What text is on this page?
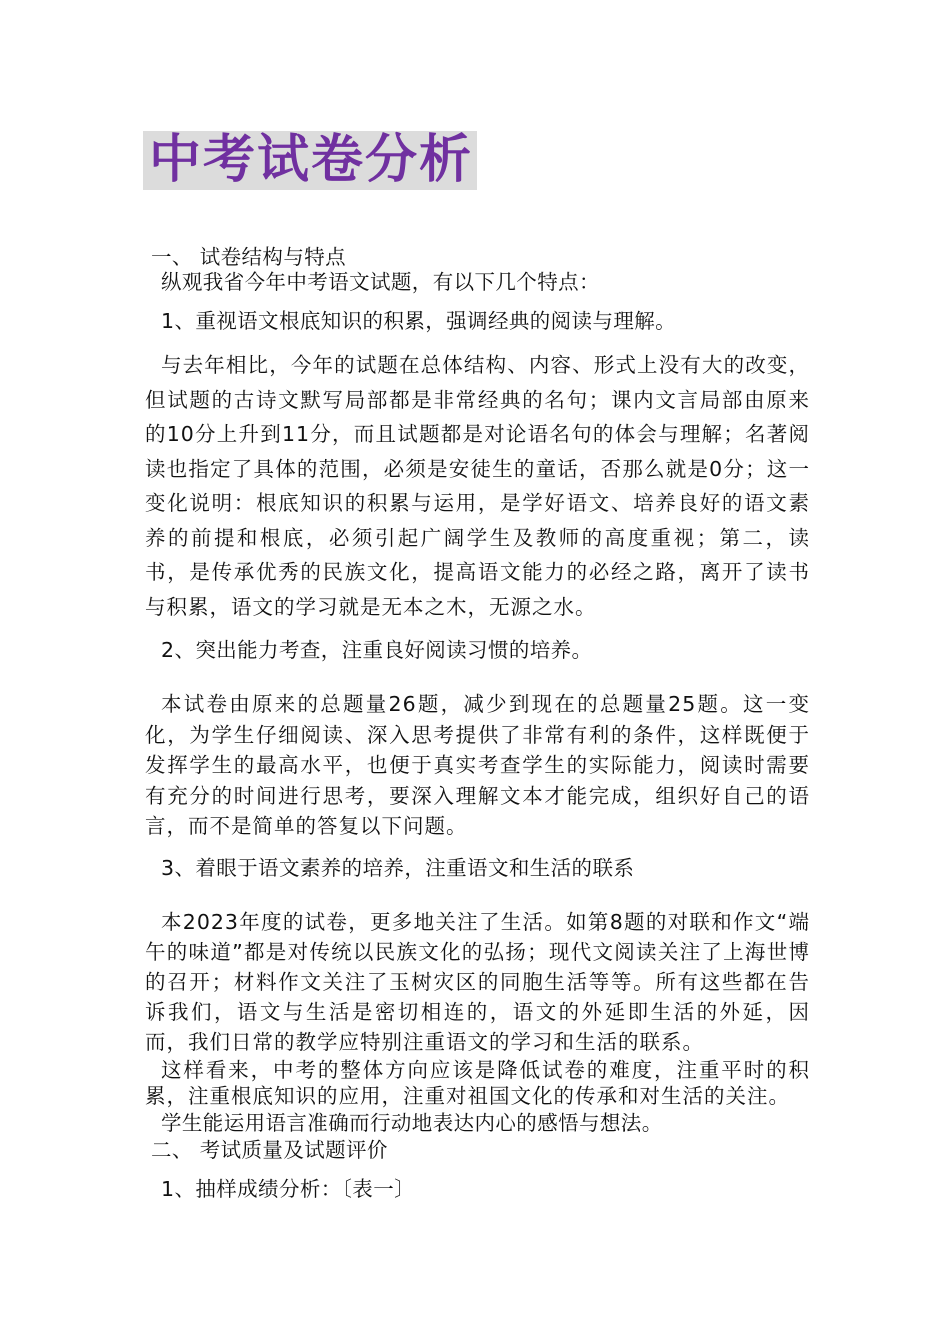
中考试卷分析
一、 试卷结构与特点
纵观我省今年中考语文试题，有以下几个特点：
1、重视语文根底知识的积累，强调经典的阅读与理解。
与去年相比，今年的试题在总体结构、内容、形式上没有大的改变，但试题的古诗文默写局部都是非常经典的名句；课内文言局部由原来的10分上升到11分，而且试题都是对论语名句的体会与理解；名著阅读也指定了具体的范围，必须是安徒生的童话，否那么就是0分；这一变化说明：根底知识的积累与运用，是学好语文、培养良好的语文素养的前提和根底，必须引起广阔学生及教师的高度重视；第二，读书，是传承优秀的民族文化，提高语文能力的必经之路，离开了读书与积累，语文的学习就是无本之木，无源之水。
2、突出能力考查，注重良好阅读习惯的培养。
本试卷由原来的总题量26题，减少到现在的总题量25题。这一变化，为学生仔细阅读、深入思考提供了非常有利的条件，这样既便于发挥学生的最高水平，也便于真实考查学生的实际能力，阅读时需要有充分的时间进行思考，要深入理解文本才能完成，组织好自己的语言，而不是简单的答复以下问题。
3、着眼于语文素养的培养，注重语文和生活的联系
本2023年度的试卷，更多地关注了生活。如第8题的对联和作文“端午的味道”都是对传统以民族文化的弘扬；现代文阅读关注了上海世博的召开；材料作文关注了玉树灾区的同胞生活等等。所有这些都在告诉我们，语文与生活是密切相连的，语文的外延即生活的外延，因而，我们日常的教学应特别注重语文的学习和生活的联系。
这样看来，中考的整体方向应该是降低试卷的难度，注重平时的积累，注重根底知识的应用，注重对祖国文化的传承和对生活的关注。
学生能运用语言准确而行动地表达内心的感悟与想法。
二、 考试质量及试题评价
1、抽样成绩分析：〔表一〕
